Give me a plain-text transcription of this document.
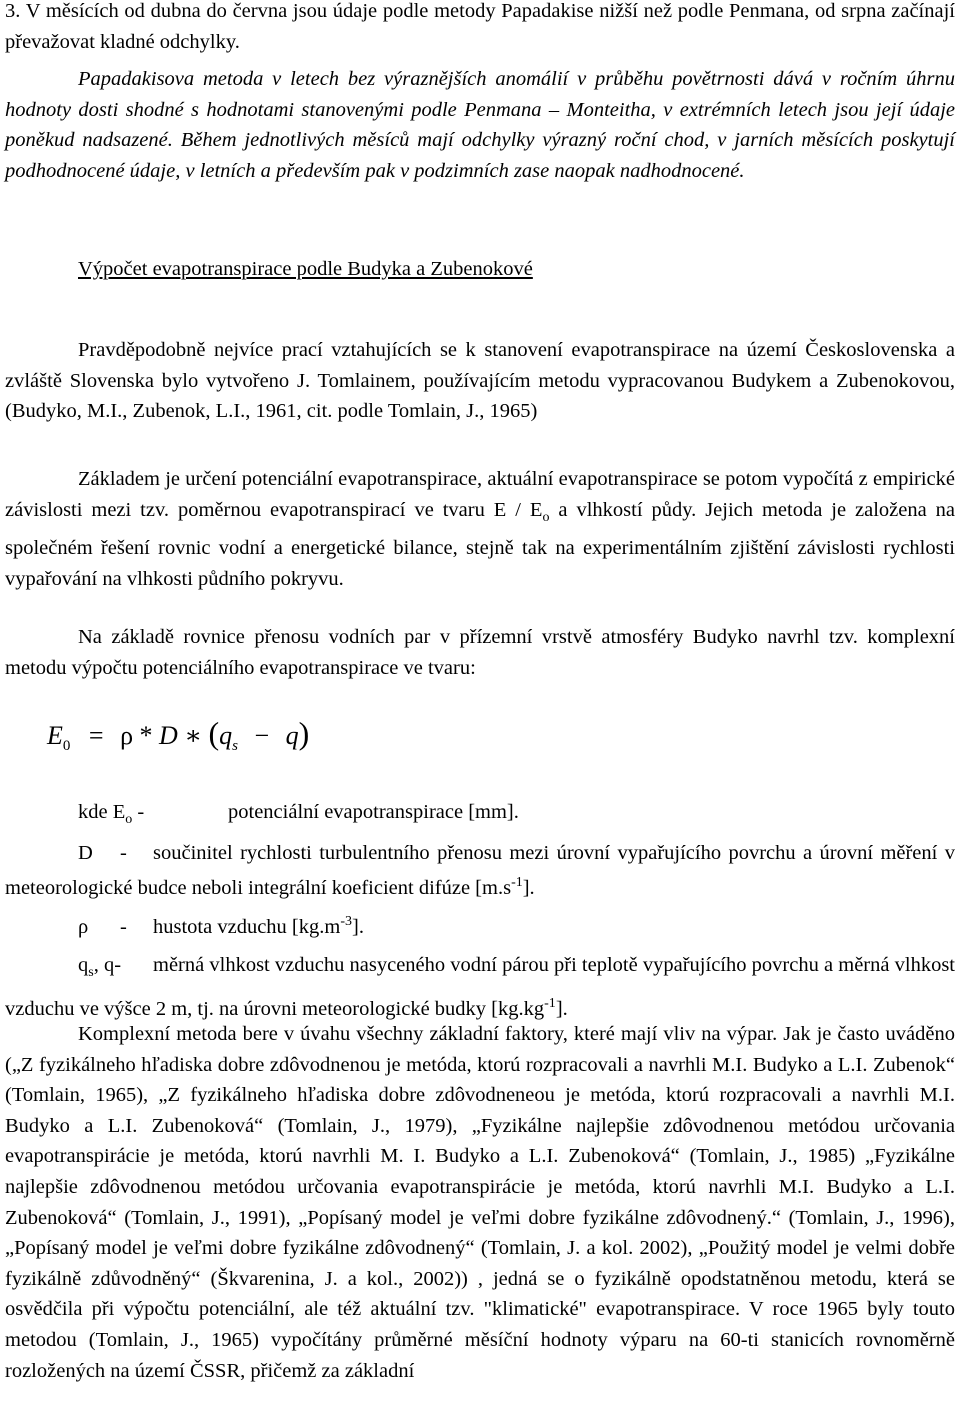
3. V měsících od dubna do června jsou údaje podle metody Papadakise nižší než podle Penmana, od srpna začínají převažovat kladné odchylky.

Papadakisova metoda v letech bez výraznějších anomálií v průběhu povětrnosti dává v ročním úhrnu hodnoty dosti shodné s hodnotami stanovenými podle Penmana – Monteitha, v extrémních letech jsou její údaje poněkud nadsazené. Během jednotlivých měsíců mají odchylky výrazný roční chod, v jarních měsících poskytují podhodnocené údaje, v letních a především pak v podzimních zase naopak nadhodnocené.

Výpočet evapotranspirace podle Budyka a Zubenokové

Pravděpodobně nejvíce prací vztahujících se k stanovení evapotranspirace na území Československa a zvláště Slovenska bylo vytvořeno J. Tomlainem, používajícím metodu vypracovanou Budykem a Zubenokovou, (Budyko, M.I., Zubenok, L.I., 1961, cit. podle Tomlain, J., 1965)

Základem je určení potenciální evapotranspirace, aktuální evapotranspirace se potom vypočítá z empirické závislosti mezi tzv. poměrnou evapotranspirací ve tvaru E / $E_o$ a vlhkostí půdy. Jejich metoda je založena na společném řešení rovnic vodní a energetické bilance, stejně tak na experimentálním zjištění závislosti rychlosti vypařování na vlhkosti půdního pokryvu.

Na základě rovnice přenosu vodních par v přízemní vrstvě atmosféry Budyko navrhl tzv. komplexní metodu výpočtu potenciálního evapotranspirace ve tvaru:

$E_0 = \rho * D$ ∗ $(q_s - q)$
kde $E_o$ -	potenciální evapotranspirace [mm].

D - součinitel rychlosti turbulentního přenosu mezi úrovní vypařujícího povrchu a úrovní měření v meteorologické budce neboli integrální koeficient difúze $[m.s^{-1}]$.

ρ - hustota vzduchu $[kg.m^{-3}]$.

$q_s$, q- měrná vlhkost vzduchu nasyceného vodní párou při teplotě vypařujícího povrchu a měrná vlhkost vzduchu ve výšce 2 m, tj. na úrovni meteorologické budky $[kg.kg^{-1}]$.

Komplexní metoda bere v úvahu všechny základní faktory, které mají vliv na výpar. Jak je často uváděno („Z fyzikálneho hľadiska dobre zdôvodnenou je metóda, ktorú rozpracovali a navrhli M.I. Budyko a L.I. Zubenok“ (Tomlain, 1965), „Z fyzikálneho hľadiska dobre zdôvodneneou je metóda, ktorú rozpracovali a navrhli M.I. Budyko a L.I. Zubenoková“ (Tomlain, J., 1979), „Fyzikálne najlepšie zdôvodnenou metódou určovania evapotranspirácie je metóda, ktorú navrhli M. I. Budyko a L.I. Zubenoková“ (Tomlain, J., 1985) „Fyzikálne najlepšie zdôvodnenou metódou určovania evapotranspirácie je metóda, ktorú navrhli M.I. Budyko a L.I. Zubenoková“ (Tomlain, J., 1991), „Popísaný model je veľmi dobre fyzikálne zdôvodnený.“ (Tomlain, J., 1996), „Popísaný model je veľmi dobre fyzikálne zdôvodnený“ (Tomlain, J. a kol. 2002), „Použitý model je velmi dobře fyzikálně zdůvodněný“ (Škvarenina, J. a kol., 2002)) , jedná se o fyzikálně opodstatněnou metodu, která se osvědčila při výpočtu potenciální, ale též aktuální tzv. "klimatické" evapotranspirace. V roce 1965 byly touto metodou (Tomlain, J., 1965) vypočítány průměrné měsíční hodnoty výparu na 60-ti stanicích rovnoměrně rozložených na území ČSSR, přičemž za základní
